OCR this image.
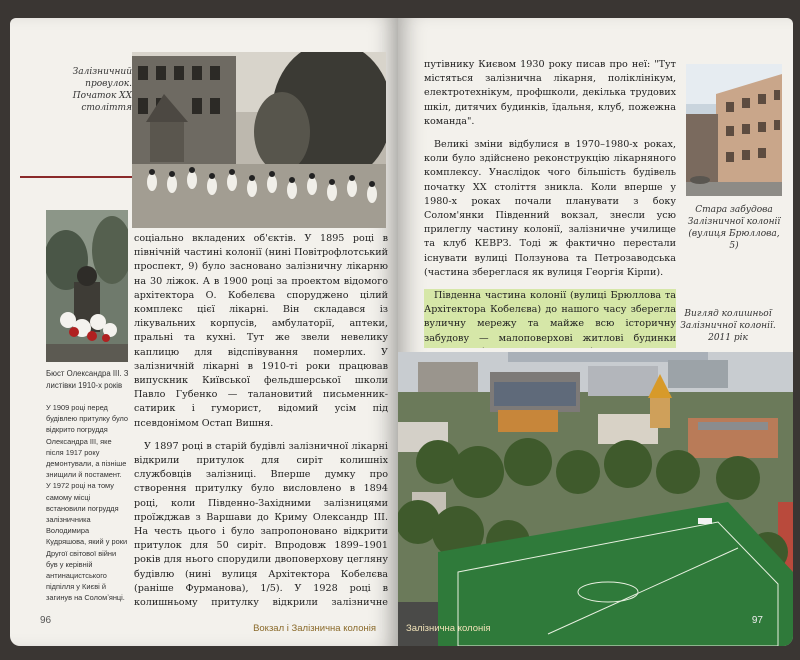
Залізничний провулок. Початок XX століття
Бюст Олександра III. З листівки 1910-х років
У 1909 році перед будівлею притулку було відкрито погруддя Олександра III, яке після 1917 року демонтували, а пізніше знищили й постамент. У 1972 році на тому самому місці встановили погруддя залізничника Володимира Кудряшова, який у роки Другої світової війни був у керівній антинацистського підпілля у Києві й загинув на Соломʼянці.

соціально вкладених об'єктів. У 1895 році в північній частині колонії (нині Повітрофлотський проспект, 9) було засновано залізничну лікарню на 30 ліжок. А в 1900 році за проектом відомого архітектора О. Кобелєва споруджено цілий комплекс цієї лікарні. Він складався із лікувальних корпусів, амбулаторії, аптеки, пральні та кухні. Тут же звели невелику каплицю для відспівування померлих. У залізничній лікарні в 1910-ті роки працював випускник Київської фельдшерської школи Павло Губенко — талановитий письменник-сатирик і гуморист, відомий усім під псевдонімом Остап Вишня.

У 1897 році в старій будівлі залізничної лікарні відкрили притулок для сиріт колишніх службовців залізниці. Вперше думку про створення притулку було висловлено в 1894 році, коли Південно-Західними залізницями проїжджав з Варшави до Криму Олександр ІІІ. На честь цього і було запропоновано відкрити притулок для 50 сиріт. Впродовж 1899–1901 років для нього спорудили двоповерхову цегляну будівлю (нині вулиця Архітектора Кобелєва (раніше Фурманова), 1/5). У 1928 році в колишньому притулку відкрили залізничне

96
Вокзал і Залізнична колонія

путівнику Києвом 1930 року писав про неї: "Тут містяться залізнична лікарня, поліклінікум, електротехнікум, профшколи, декілька трудових шкіл, дитячих будинків, їдальня, клуб, пожежна команда".

Великі зміни відбулися в 1970–1980-х роках, коли було здійснено реконструкцію лікарняного комплексу. Унаслідок чого більшість будівель початку XX століття зникла. Коли вперше у 1980-х роках почали планувати з боку Солом'янки Південний вокзал, знесли усю прилеглу частину колонії, залізничне училище та клуб КЕВРЗ. Тоді ж фактично перестали існувати вулиці Ползунова та Петрозаводська (частина збереглася як вулиця Георгія Кірпи).

Південна частина колонії (вулиці Брюллова та Архітектора Кобелєва) до нашого часу зберегла вуличну мережу та майже всю історичну забудову — малоповерхові житлові будинки

Стара забудова Залізничної колонії (вулиця Брюллова, 5)
Вигляд колишньої Залізничної колонії. 2011 рік
97
Залізнична колонія
